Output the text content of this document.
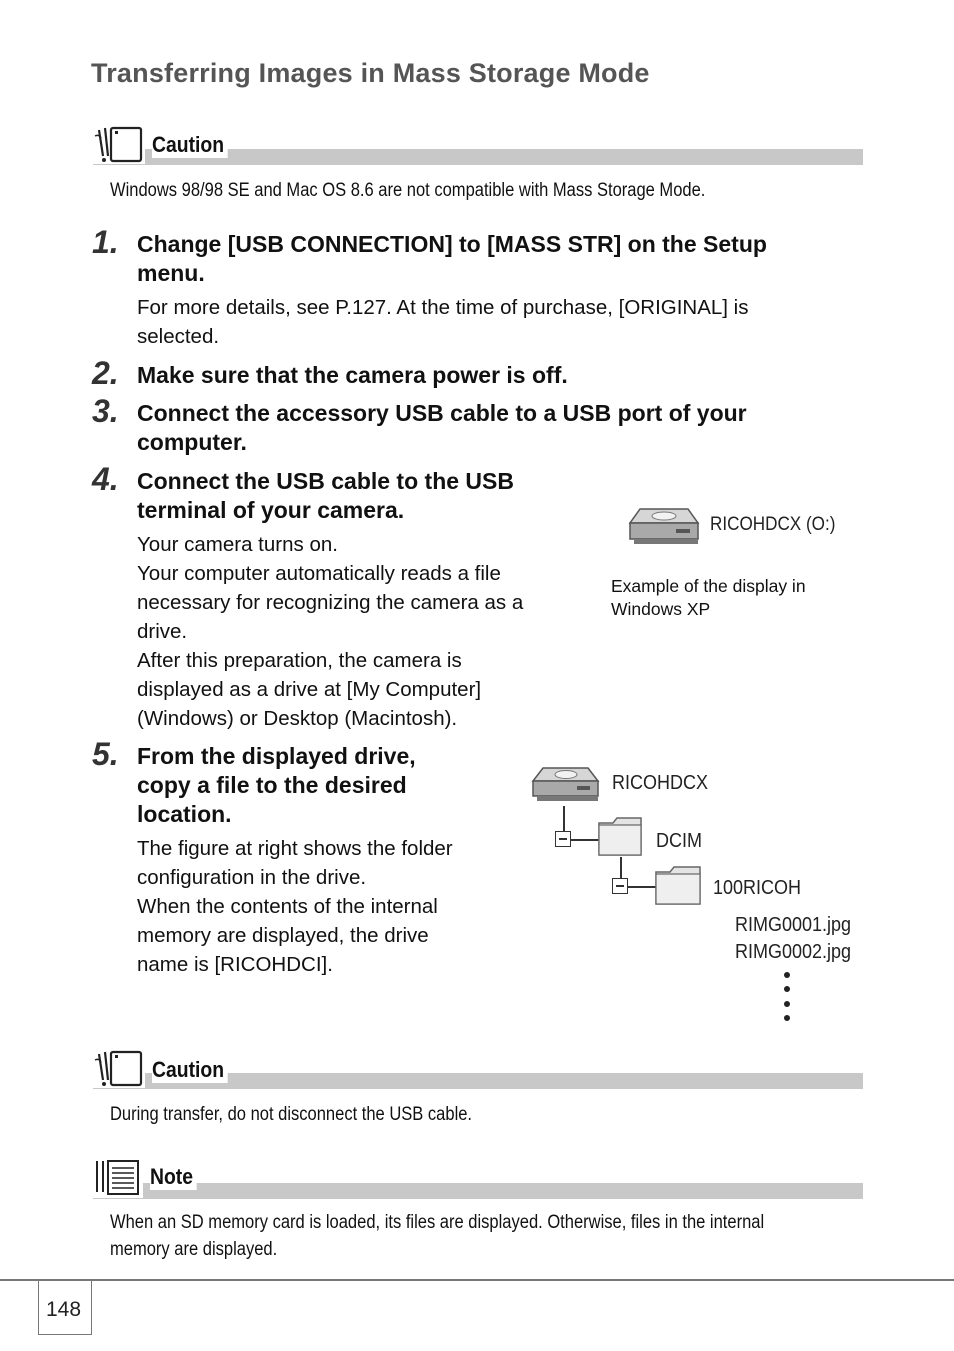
Transferring Images in Mass Storage Mode
Caution
Windows 98/98 SE and Mac OS 8.6 are not compatible with Mass Storage Mode.
1. Change [USB CONNECTION] to [MASS STR] on the Setup
menu.
For more details, see P.127. At the time of purchase, [ORIGINAL] is
selected.
2. Make sure that the camera power is off.
3. Connect the accessory USB cable to a USB port of your
computer.
4. Connect the USB cable to the USB
terminal of your camera.
Your camera turns on.
Your computer automatically reads a file
necessary for recognizing the camera as a
drive.
After this preparation, the camera is
displayed as a drive at [My Computer]
(Windows) or Desktop (Macintosh).
RICOHDCX (O:)
Example of the display in
Windows XP
5. From the displayed drive,
copy a file to the desired
location.
The figure at right shows the folder
configuration in the drive.
When the contents of the internal
memory are displayed, the drive
name is [RICOHDCI].
RICOHDCX
DCIM
100RICOH
RIMG0001.jpg
RIMG0002.jpg
Caution
During transfer, do not disconnect the USB cable.
Note
When an SD memory card is loaded, its files are displayed. Otherwise, files in the internal
memory are displayed.
148
